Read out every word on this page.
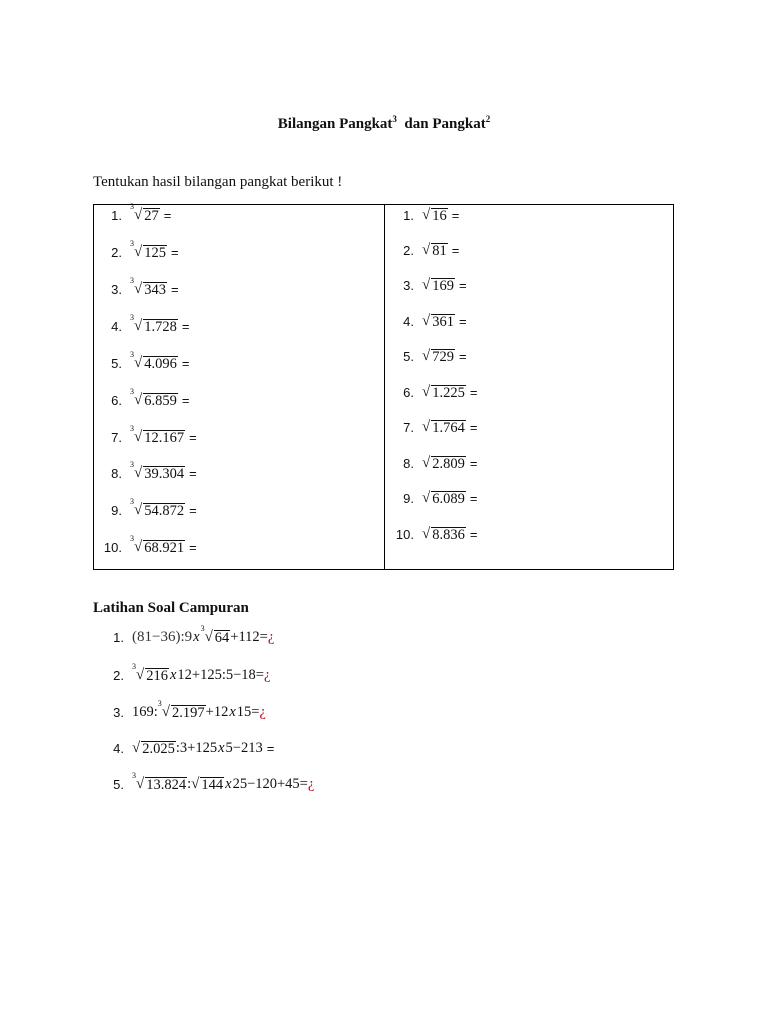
Bilangan Pangkat$^3$ dan Pangkat$^2$
Tentukan hasil bilangan pangkat berikut !
1.
3
√ 27 =
2.
3
√ 125 =
3.
3
√ 343 =
4.
3
√ 1.728 =
5.
3
√ 4.096 =
6.
3
√ 6.859 =
7.
3
√ 12.167 =
8.
3
√ 39.304 =
9.
3
√ 54.872 =
10.
3
√ 68.921 =
1. √ 16 =
2. √ 81 =
3. √ 169 =
4. √ 361 =
5. √ 729 =
6. √ 1.225 =
7. √ 1.764 =
8. √ 2.809 =
9. √ 6.089 =
10. √ 8.836 =
Latihan Soal Campuran
1. (81−36):9 x
3
√ 64 +112= ¿
2.
3
√ 216 x 12+125:5−18= ¿
3. 169:
3
√ 2.197 +12 x 15= ¿
4. √ 2.025 :3+125 x 5−213 =
5.
3
√ 13.824 : √ 144 x 25−120+45= ¿
